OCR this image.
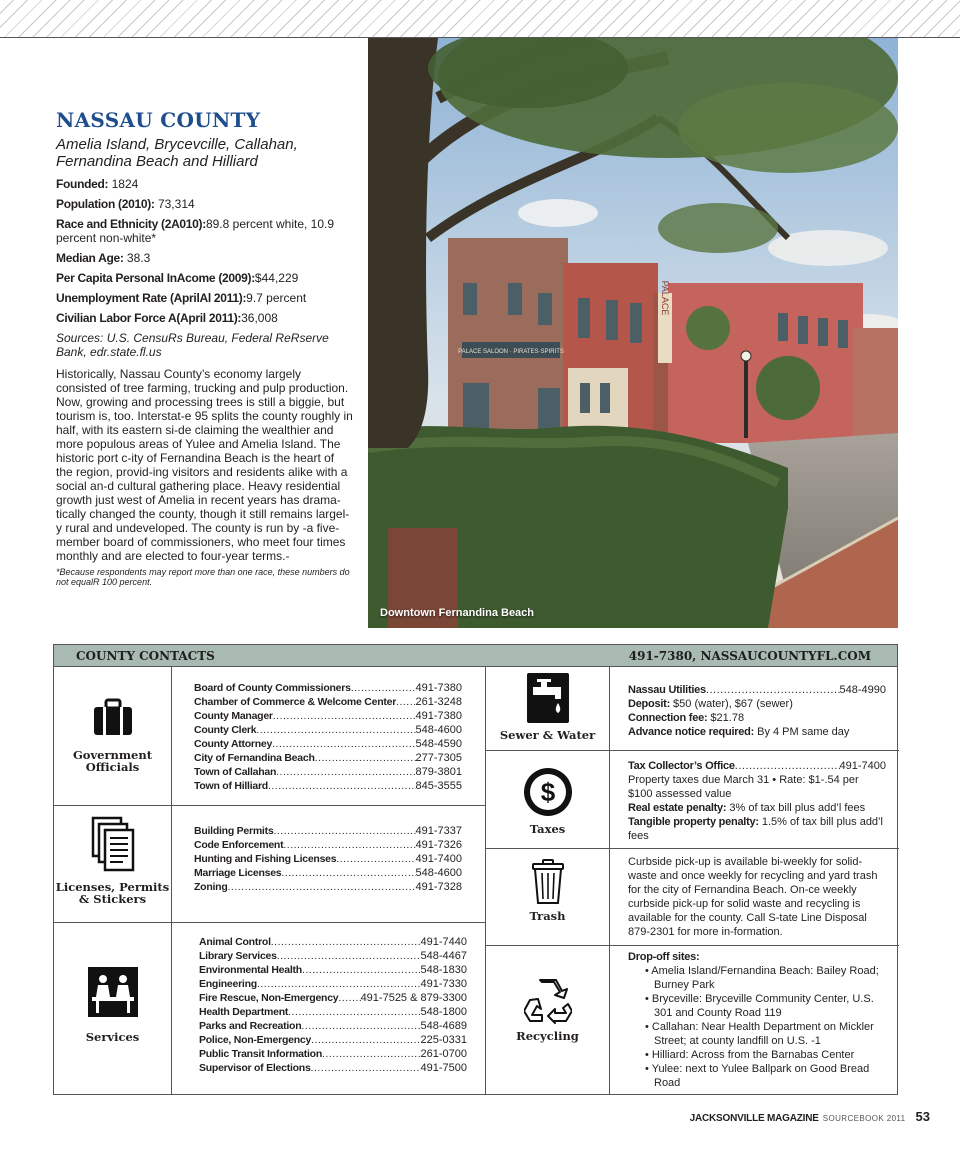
NASSAU COUNTY
Amelia Island, Brycevcille, Callahan, Fernandina Beach and Hilliard
Founded: 1824
Population (2010): 73,314
Race and Ethnicity (2A010):89.8 percent white, 10.9 percent non-white*
Median Age: 38.3
Per Capita Personal InAcome (2009):$44,229
Unemployment Rate (AprilAl 2011):9.7 percent
Civilian Labor Force A(April 2011):36,008
Sources: U.S. CensuRs Bureau, Federal ReRserve Bank, edr.state.fl.us
Historically, Nassau County’s economy largely consisted of tree farming, trucking and pulp production. Now, growing and processing trees is still a biggie, but tourism is, too. Interstat-e 95 splits the county roughly in half, with its eastern si-de claiming the wealthier and more populous areas of Yulee and Amelia Island. The historic port c-ity of Fernandina Beach is the heart of the region, provid-ing visitors and residents alike with a social an-d cultural gathering place. Heavy residential growth just west of Amelia in recent years has drama-tically changed the county, though it still remains largel-y rural and undeveloped. The county is run by -a five-member board of commissioners, who meet four times monthly and are elected to four-year terms.-
*Because respondents may report more than one race, these numbers do not equalR 100 percent.
PALACE SALOON · PIRATES·SPIRITS
PALACE
Downtown Fernandina Beach
COUNTY CONTACTS	491-7380, NASSAUCOUNTYFL.COM
Government Officials
Board of County Commissioners .....	491-7380
Chamber of Commerce & Welcome Center ..... 261-3248
County Manager .....	491-7380
County Clerk .....	548-4600
County Attorney .....	548-4590
City of Fernandina Beach .....	277-7305
Town of Callahan .....	879-3801
Town of Hilliard .....	845-3555
Licenses, Permits & Stickers
Building Permits .....	491-7337
Code Enforcement .....	491-7326
Hunting and Fishing Licenses .....	491-7400
Marriage Licenses .....	548-4600
Zoning .....	491-7328
Services
Animal Control .....	491-7440
Library Services .....	548-4467
Environmental Health .....	548-1830
Engineering .....	491-7330
Fire Rescue, Non-Emergency ..... 491-7525 & 879-3300
Health Department .....	548-1800
Parks and Recreation .....	548-4689
Police, Non-Emergency .....	225-0331
Public Transit Information .....	261-0700
Supervisor of Elections .....	491-7500
Sewer & Water
Nassau Utilities .....	548-4990
Deposit: $50 (water), $67 (sewer)
Connection fee: $21.78
Advance notice required: By 4 PM same day
$
Taxes
Tax Collector’s Office .....	491-7400
Property taxes due March 31 • Rate: $1-.54 per $100 assessed value
Real estate penalty: 3% of tax bill plus add’l fees
Tangible property penalty: 1.5% of tax bill plus add’l fees
Trash
Curbside pick-up is available bi-weekly for solid-waste and once weekly for recycling and yard trash for the city of Fernandina Beach. On-ce weekly curbside pick-up for solid waste and recycling is available for the county. Call S-tate Line Disposal 879-2301 for more in-formation.
Recycling
Drop-off sites:
• Amelia Island/Fernandina Beach: Bailey Road; Burney Park
• Bryceville: Bryceville Community Center, U.S. 301 and County Road 119
• Callahan: Near Health Department on Mickler Street; at county landfill on U.S. -1
• Hilliard: Across from the Barnabas Center
• Yulee: next to Yulee Ballpark on Good Bread Road
JACKSONVILLE MAGAZINE SOURCEBOOK 2011 53
